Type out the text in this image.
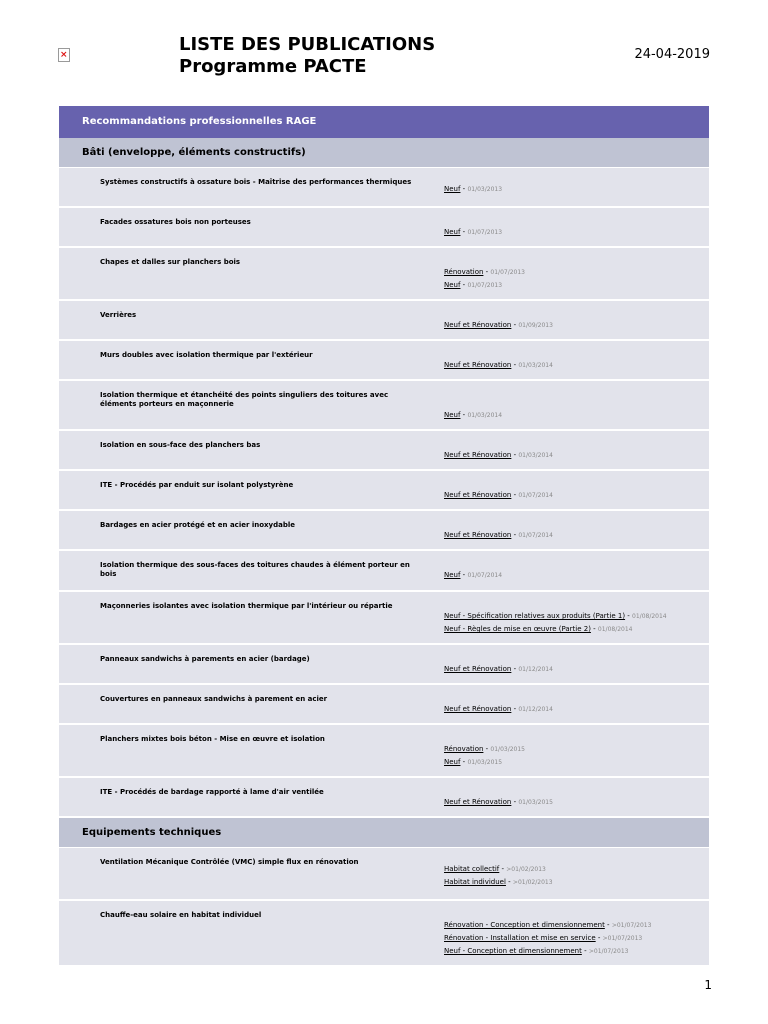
×	LISTE DES PUBLICATIONS
Programme PACTE
24-04-2019
Recommandations professionnelles RAGE
Bâti (enveloppe, éléments constructifs)
Systèmes constructifs à ossature bois - Maîtrise des performances thermiques
Neuf - 01/03/2013
Facades ossatures bois non porteuses
Neuf - 01/07/2013
Chapes et dalles sur planchers bois
Rénovation - 01/07/2013
Neuf - 01/07/2013
Verrières
Neuf et Rénovation - 01/09/2013
Murs doubles avec isolation thermique par l'extérieur
Neuf et Rénovation - 01/03/2014
Isolation thermique et étanchéité des points singuliers des toitures avec éléments porteurs en maçonnerie
Neuf - 01/03/2014
Isolation en sous-face des planchers bas
Neuf et Rénovation - 01/03/2014
ITE - Procédés par enduit sur isolant polystyrène
Neuf et Rénovation - 01/07/2014
Bardages en acier protégé et en acier inoxydable
Neuf et Rénovation - 01/07/2014
Isolation thermique des sous-faces des toitures chaudes à élément porteur en bois	Neuf - 01/07/2014
Maçonneries isolantes avec isolation thermique par l'intérieur ou répartie
Neuf - Spécification relatives aux produits (Partie 1) - 01/08/2014
Neuf - Règles de mise en œuvre (Partie 2) - 01/08/2014
Panneaux sandwichs à parements en acier (bardage)
Neuf et Rénovation - 01/12/2014
Couvertures en panneaux sandwichs à parement en acier
Neuf et Rénovation - 01/12/2014
Planchers mixtes bois béton - Mise en œuvre et isolation
Rénovation - 01/03/2015
Neuf - 01/03/2015
ITE - Procédés de bardage rapporté à lame d'air ventilée
Neuf et Rénovation - 01/03/2015
Equipements techniques
Ventilation Mécanique Contrôlée (VMC) simple flux en rénovation
Habitat collectif - >01/02/2013
Habitat individuel - >01/02/2013
Chauffe-eau solaire en habitat individuel
Rénovation - Conception et dimensionnement - >01/07/2013
Rénovation - Installation et mise en service - >01/07/2013
Neuf - Conception et dimensionnement - >01/07/2013
1
